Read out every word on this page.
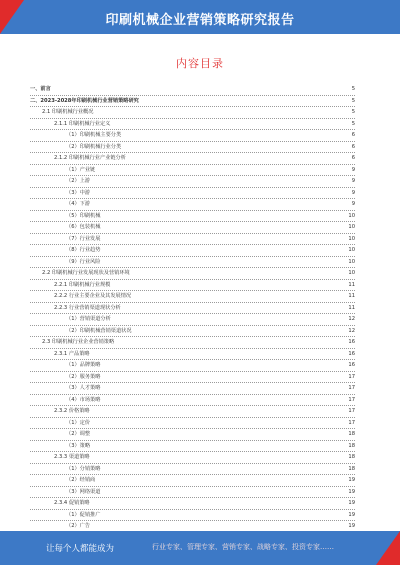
印刷机械企业营销策略研究报告
内容目录
一、前言	5
二、2023-2028年印刷机械行业营销策略研究	5
2.1 印刷机械行业概况	5
2.1.1 印刷机械行业定义	5
（1）印刷机械主要分类	6
（2）印刷机械行业分类	6
2.1.2 印刷机械行业产业链分析	6
（1）产业链	9
（2）上游	9
（3）中游	9
（4）下游	9
（5）印刷机械	10
（6）包装机械	10
（7）行业发展	10
（8）行业趋势	10
（9）行业风险	10
2.2 印刷机械行业发展现状及营销环境	10
2.2.1 印刷机械行业规模	11
2.2.2 行业主要企业及其发展情况	11
2.2.3 行业营销渠道现状分析	11
（1）营销渠道分析	12
（2）印刷机械营销渠道状况	12
2.3 印刷机械行业企业营销策略	16
2.3.1 产品策略	16
（1）品牌策略	16
（2）服务策略	17
（3）人才策略	17
（4）市场策略	17
2.3.2 价格策略	17
（1）定价	17
（2）调整	18
（3）策略	18
2.3.3 渠道策略	18
（1）分销策略	18
（2）经销商	19
（3）网络渠道	19
2.3.4 促销策略	19
（1）促销推广	19
（2）广告	19
让每个人都能成为	行业专家、管理专家、营销专家、战略专家、投资专家……
